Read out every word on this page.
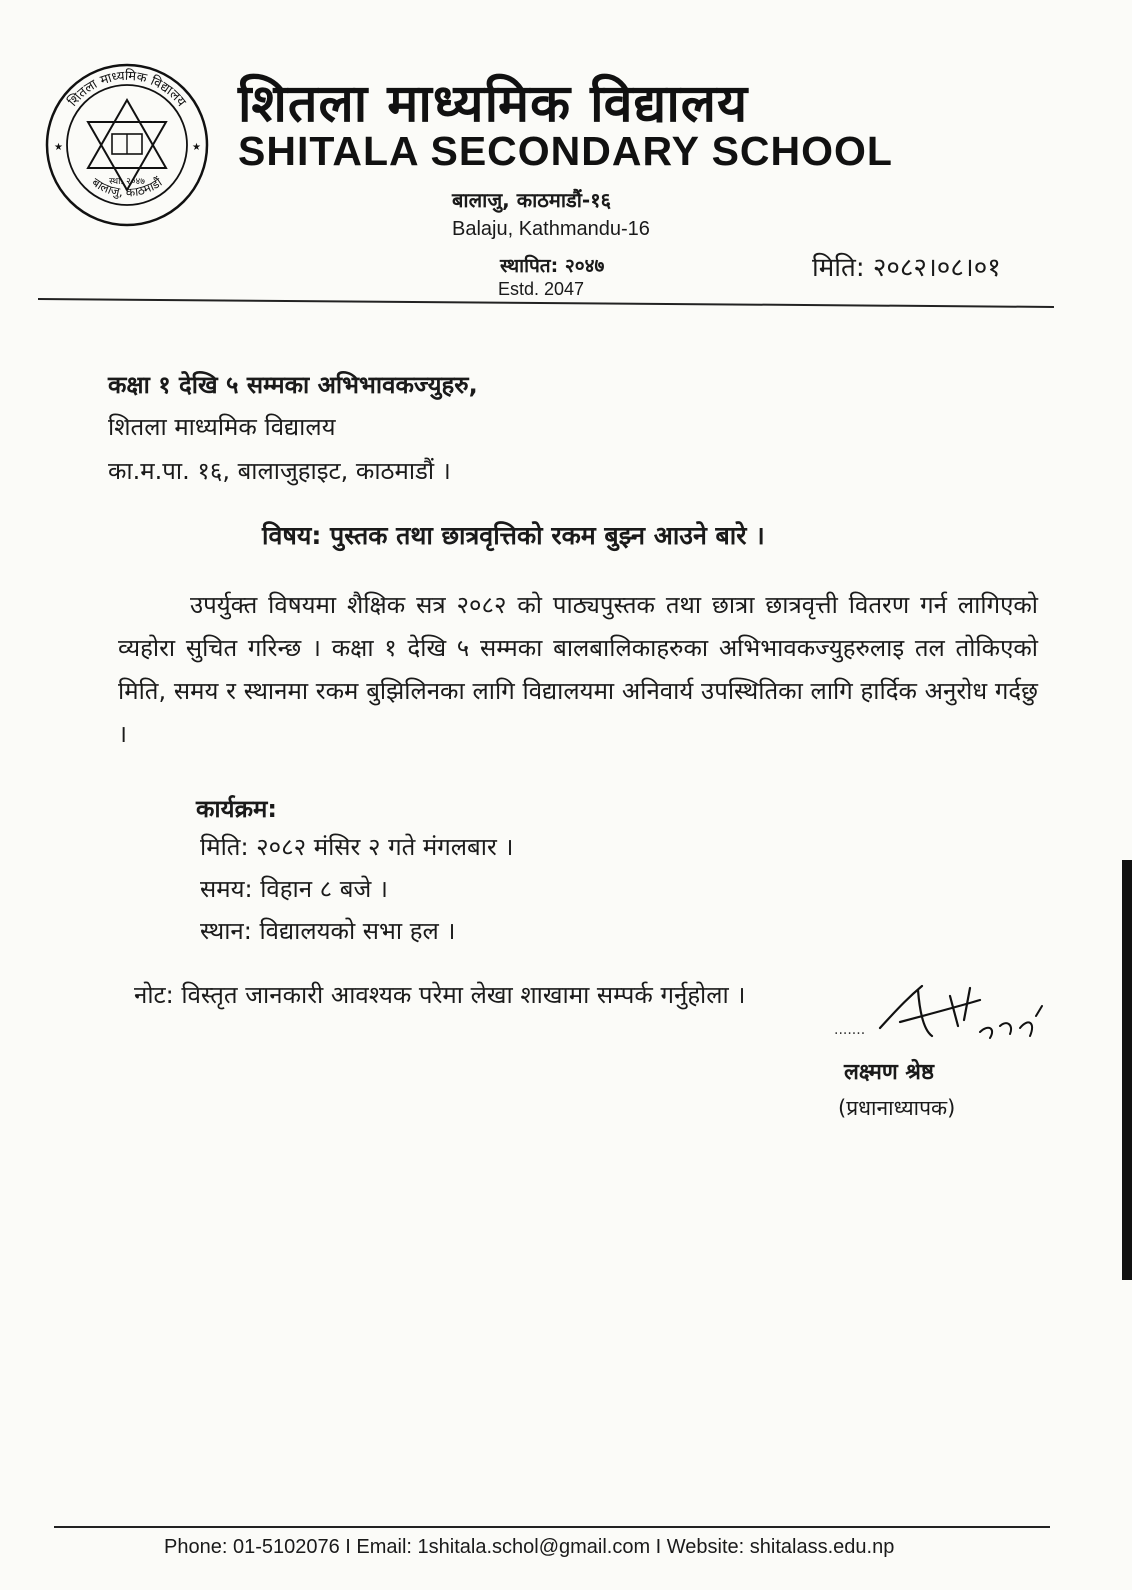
शितला माध्यमिक विद्यालय
बालाजु, काठमाडौं
★	★
स्था. २०४७
शितला माध्यमिक विद्यालय
SHITALA SECONDARY SCHOOL
बालाजु, काठमाडौं-१६
Balaju, Kathmandu-16
स्थापित: २०४७
Estd. 2047
मिति: २०८२।०८।०१
कक्षा १ देखि ५ सम्मका अभिभावकज्युहरु,
शितला माध्यमिक विद्यालय
का.म.पा. १६, बालाजुहाइट, काठमाडौं ।
विषय: पुस्तक तथा छात्रवृत्तिको रकम बुझ्न आउने बारे ।
उपर्युक्त विषयमा शैक्षिक सत्र २०८२ को पाठ्यपुस्तक तथा छात्रा छात्रवृत्ती वितरण गर्न लागिएको व्यहोरा सुचित गरिन्छ । कक्षा १ देखि ५ सम्मका बालबालिकाहरुका अभिभावकज्युहरुलाइ तल तोकिएको मिति, समय र स्थानमा रकम बुझिलिनका लागि विद्यालयमा अनिवार्य उपस्थितिका लागि हार्दिक अनुरोध गर्दछु ।
कार्यक्रम:
मिति: २०८२ मंसिर २ गते मंगलबार ।
समय: विहान ८ बजे ।
स्थान: विद्यालयको सभा हल ।
नोट: विस्तृत जानकारी आवश्यक परेमा लेखा शाखामा सम्पर्क गर्नुहोला ।
.......
लक्ष्मण श्रेष्ठ
(प्रधानाध्यापक)
Phone: 01-5102076 I Email: 1shitala.schol@gmail.com I Website: shitalass.edu.np
